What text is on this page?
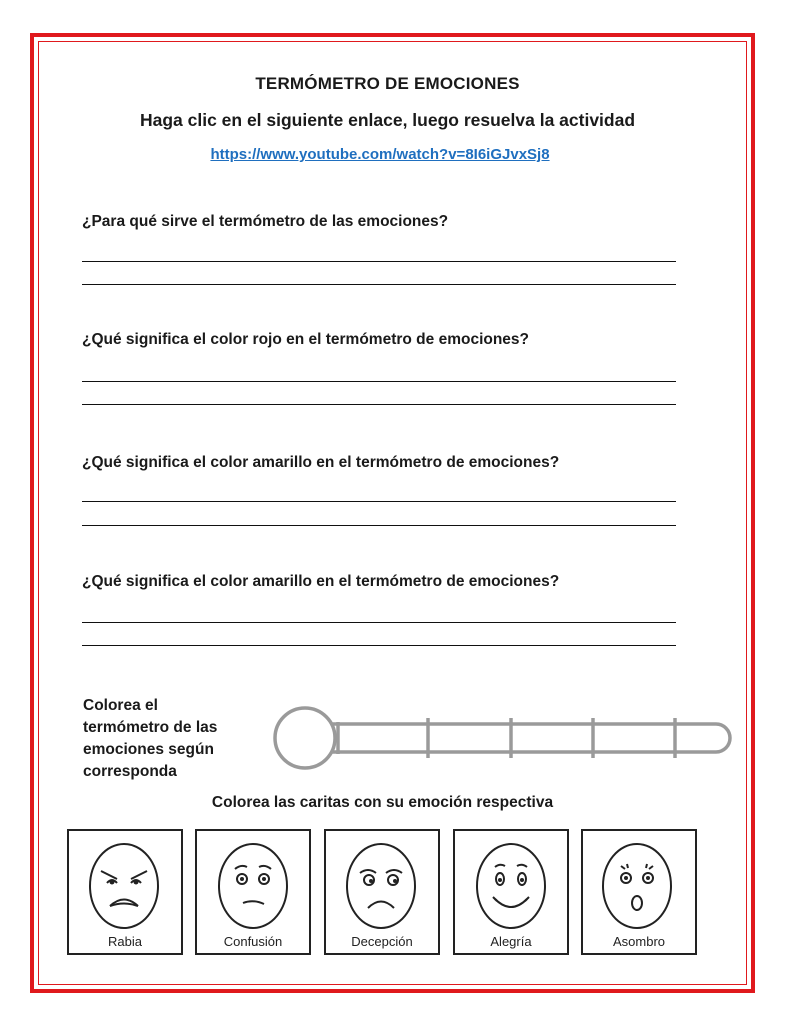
TERMÓMETRO DE EMOCIONES
Haga clic en el siguiente enlace, luego resuelva la actividad
https://www.youtube.com/watch?v=8I6iGJvxSj8
¿Para qué sirve el termómetro de las emociones?
¿Qué significa el color rojo en el termómetro de emociones?
¿Qué significa el color amarillo en el termómetro de emociones?
¿Qué significa el color amarillo en el termómetro de emociones?
Colorea el
termómetro de las
emociones según
corresponda
Colorea las caritas con su emoción respectiva
Rabia	Confusión	Decepción	Alegría	Asombro
